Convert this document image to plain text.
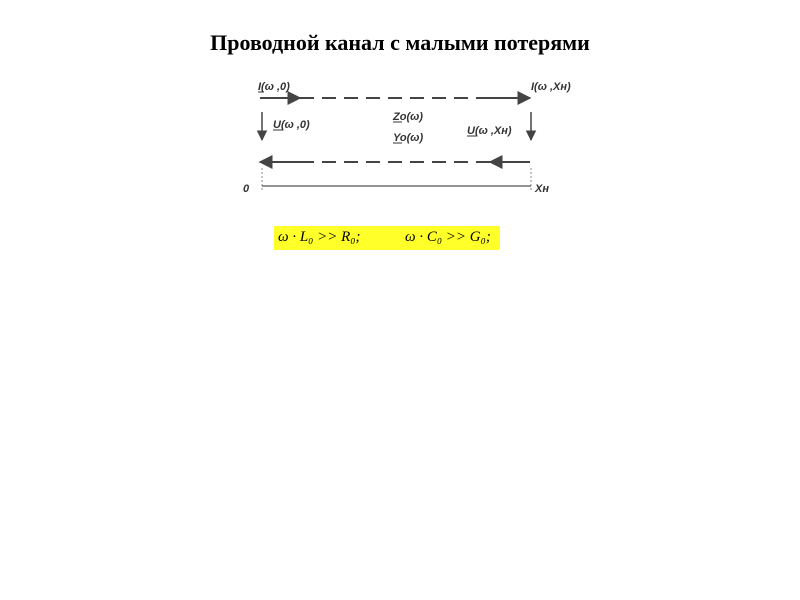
Проводной канал с малыми потерями
I(ω ,0)	I(ω ,Xн)
U(ω ,0)	U(ω ,Xн)
Zo(ω)
Yo(ω)
0	Xн
ω · L₀ >> R₀;	ω · C₀ >> G₀;
